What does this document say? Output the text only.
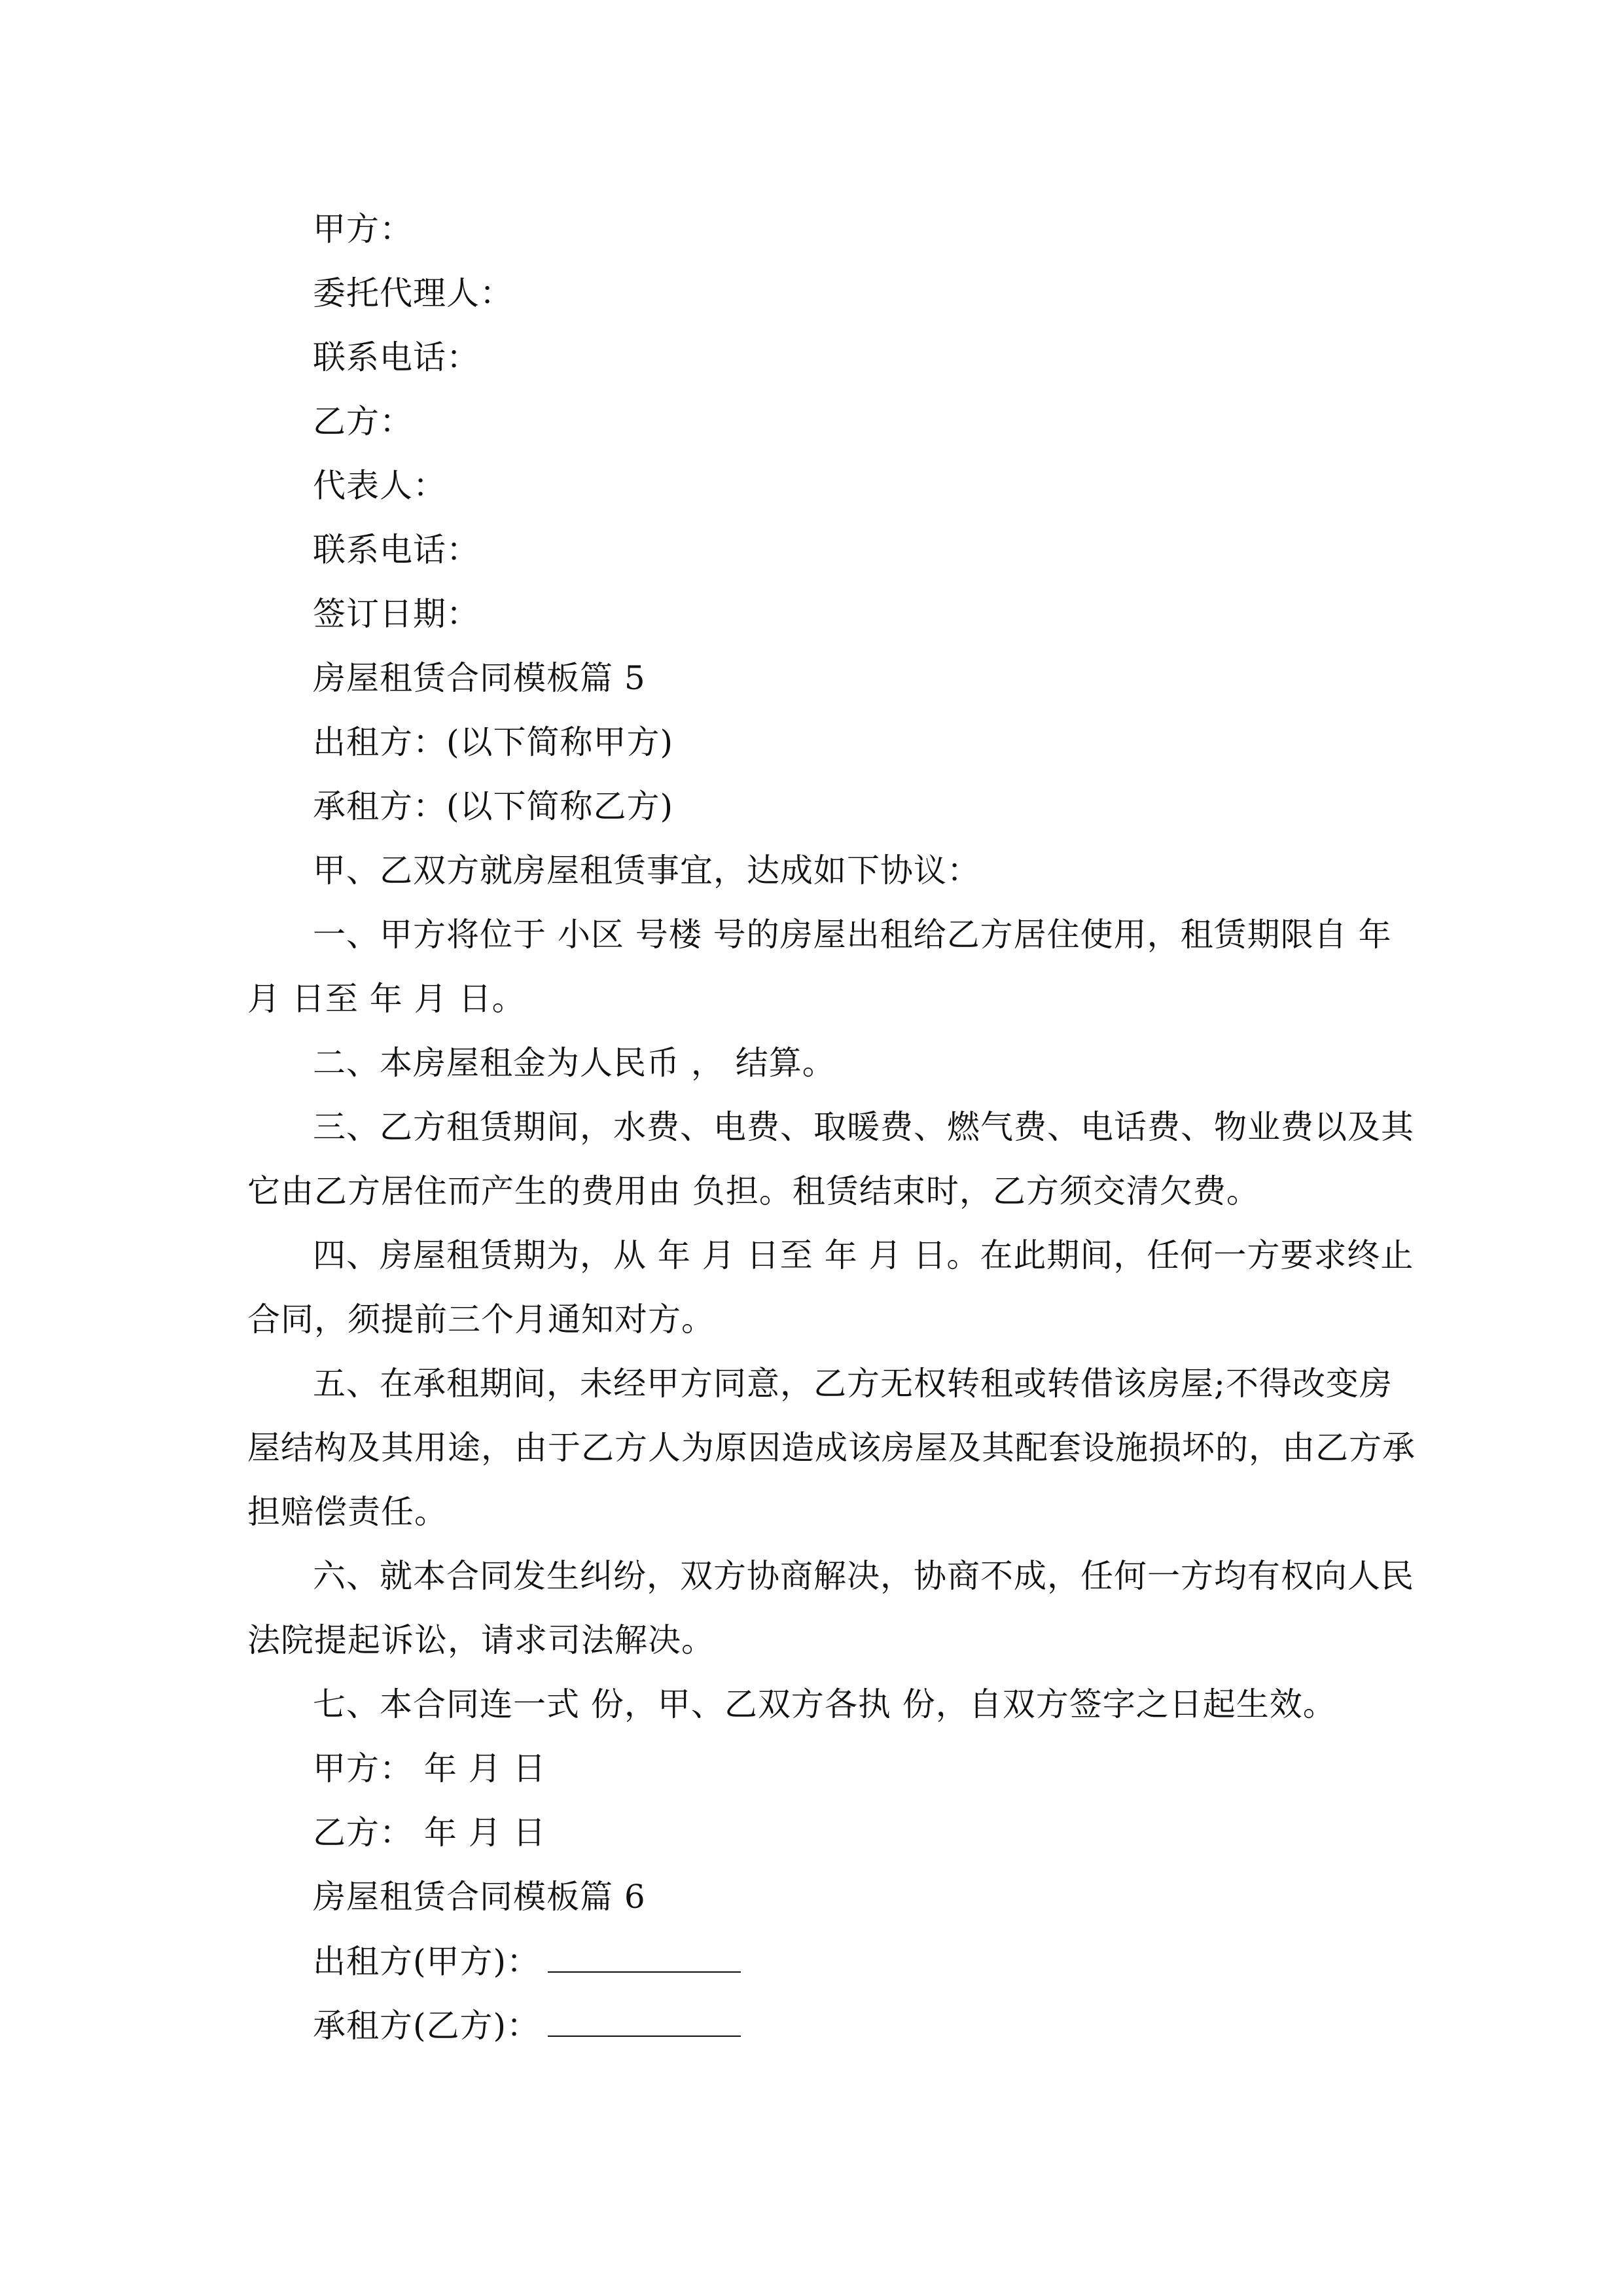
甲方：
委托代理人：
联系电话：
乙方：
代表人：
联系电话：
签订日期：
房屋租赁合同模板篇 5
出租方：(以下简称甲方)
承租方：(以下简称乙方)
甲、乙双方就房屋租赁事宜，达成如下协议：
一、甲方将位于 小区 号楼 号的房屋出租给乙方居住使用，租赁期限自 年
月 日至 年 月 日。
二、本房屋租金为人民币 ， 结算。
三、乙方租赁期间，水费、电费、取暖费、燃气费、电话费、物业费以及其
它由乙方居住而产生的费用由 负担。租赁结束时，乙方须交清欠费。
四、房屋租赁期为，从 年 月 日至 年 月 日。在此期间，任何一方要求终止
合同，须提前三个月通知对方。
五、在承租期间，未经甲方同意，乙方无权转租或转借该房屋;不得改变房
屋结构及其用途，由于乙方人为原因造成该房屋及其配套设施损坏的，由乙方承
担赔偿责任。
六、就本合同发生纠纷，双方协商解决，协商不成，任何一方均有权向人民
法院提起诉讼，请求司法解决。
七、本合同连一式 份，甲、乙双方各执 份，自双方签字之日起生效。
甲方： 年 月 日
乙方： 年 月 日
房屋租赁合同模板篇 6
出租方(甲方)：
承租方(乙方)：
